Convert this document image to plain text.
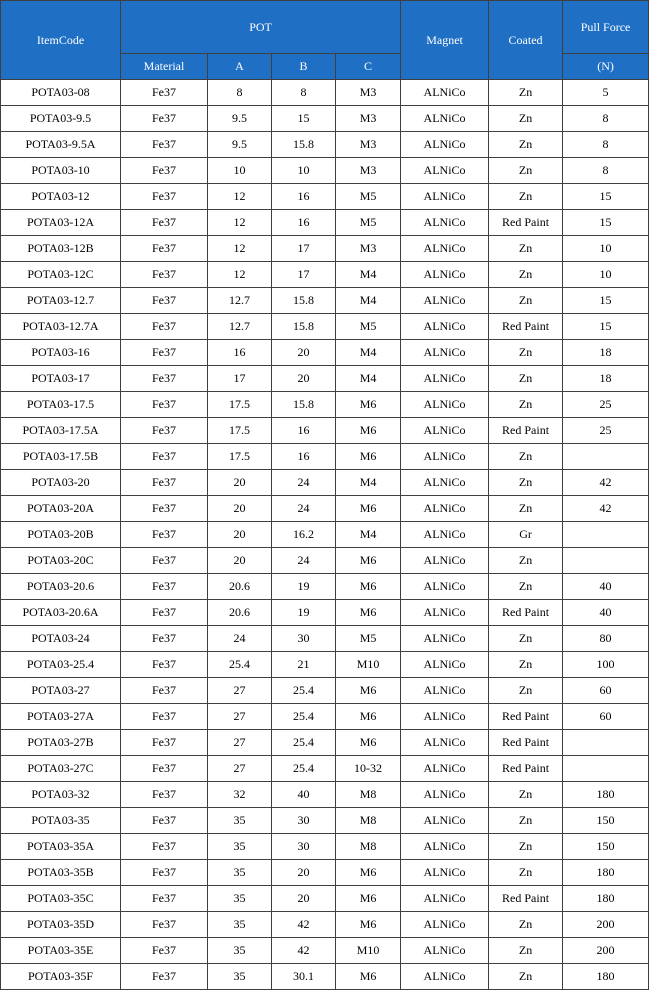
ItemCode	POT				Magnet	Coated	Pull Force
	Material	A	B	C			(N)
POTA03-08	Fe37	8	8	M3	ALNiCo	Zn	5
POTA03-9.5	Fe37	9.5	15	M3	ALNiCo	Zn	8
POTA03-9.5A	Fe37	9.5	15.8	M3	ALNiCo	Zn	8
POTA03-10	Fe37	10	10	M3	ALNiCo	Zn	8
POTA03-12	Fe37	12	16	M5	ALNiCo	Zn	15
POTA03-12A	Fe37	12	16	M5	ALNiCo	Red Paint	15
POTA03-12B	Fe37	12	17	M3	ALNiCo	Zn	10
POTA03-12C	Fe37	12	17	M4	ALNiCo	Zn	10
POTA03-12.7	Fe37	12.7	15.8	M4	ALNiCo	Zn	15
POTA03-12.7A	Fe37	12.7	15.8	M5	ALNiCo	Red Paint	15
POTA03-16	Fe37	16	20	M4	ALNiCo	Zn	18
POTA03-17	Fe37	17	20	M4	ALNiCo	Zn	18
POTA03-17.5	Fe37	17.5	15.8	M6	ALNiCo	Zn	25
POTA03-17.5A	Fe37	17.5	16	M6	ALNiCo	Red Paint	25
POTA03-17.5B	Fe37	17.5	16	M6	ALNiCo	Zn	
POTA03-20	Fe37	20	24	M4	ALNiCo	Zn	42
POTA03-20A	Fe37	20	24	M6	ALNiCo	Zn	42
POTA03-20B	Fe37	20	16.2	M4	ALNiCo	Gr	
POTA03-20C	Fe37	20	24	M6	ALNiCo	Zn	
POTA03-20.6	Fe37	20.6	19	M6	ALNiCo	Zn	40
POTA03-20.6A	Fe37	20.6	19	M6	ALNiCo	Red Paint	40
POTA03-24	Fe37	24	30	M5	ALNiCo	Zn	80
POTA03-25.4	Fe37	25.4	21	M10	ALNiCo	Zn	100
POTA03-27	Fe37	27	25.4	M6	ALNiCo	Zn	60
POTA03-27A	Fe37	27	25.4	M6	ALNiCo	Red Paint	60
POTA03-27B	Fe37	27	25.4	M6	ALNiCo	Red Paint	
POTA03-27C	Fe37	27	25.4	10-32	ALNiCo	Red Paint	
POTA03-32	Fe37	32	40	M8	ALNiCo	Zn	180
POTA03-35	Fe37	35	30	M8	ALNiCo	Zn	150
POTA03-35A	Fe37	35	30	M8	ALNiCo	Zn	150
POTA03-35B	Fe37	35	20	M6	ALNiCo	Zn	180
POTA03-35C	Fe37	35	20	M6	ALNiCo	Red Paint	180
POTA03-35D	Fe37	35	42	M6	ALNiCo	Zn	200
POTA03-35E	Fe37	35	42	M10	ALNiCo	Zn	200
POTA03-35F	Fe37	35	30.1	M6	ALNiCo	Zn	180
